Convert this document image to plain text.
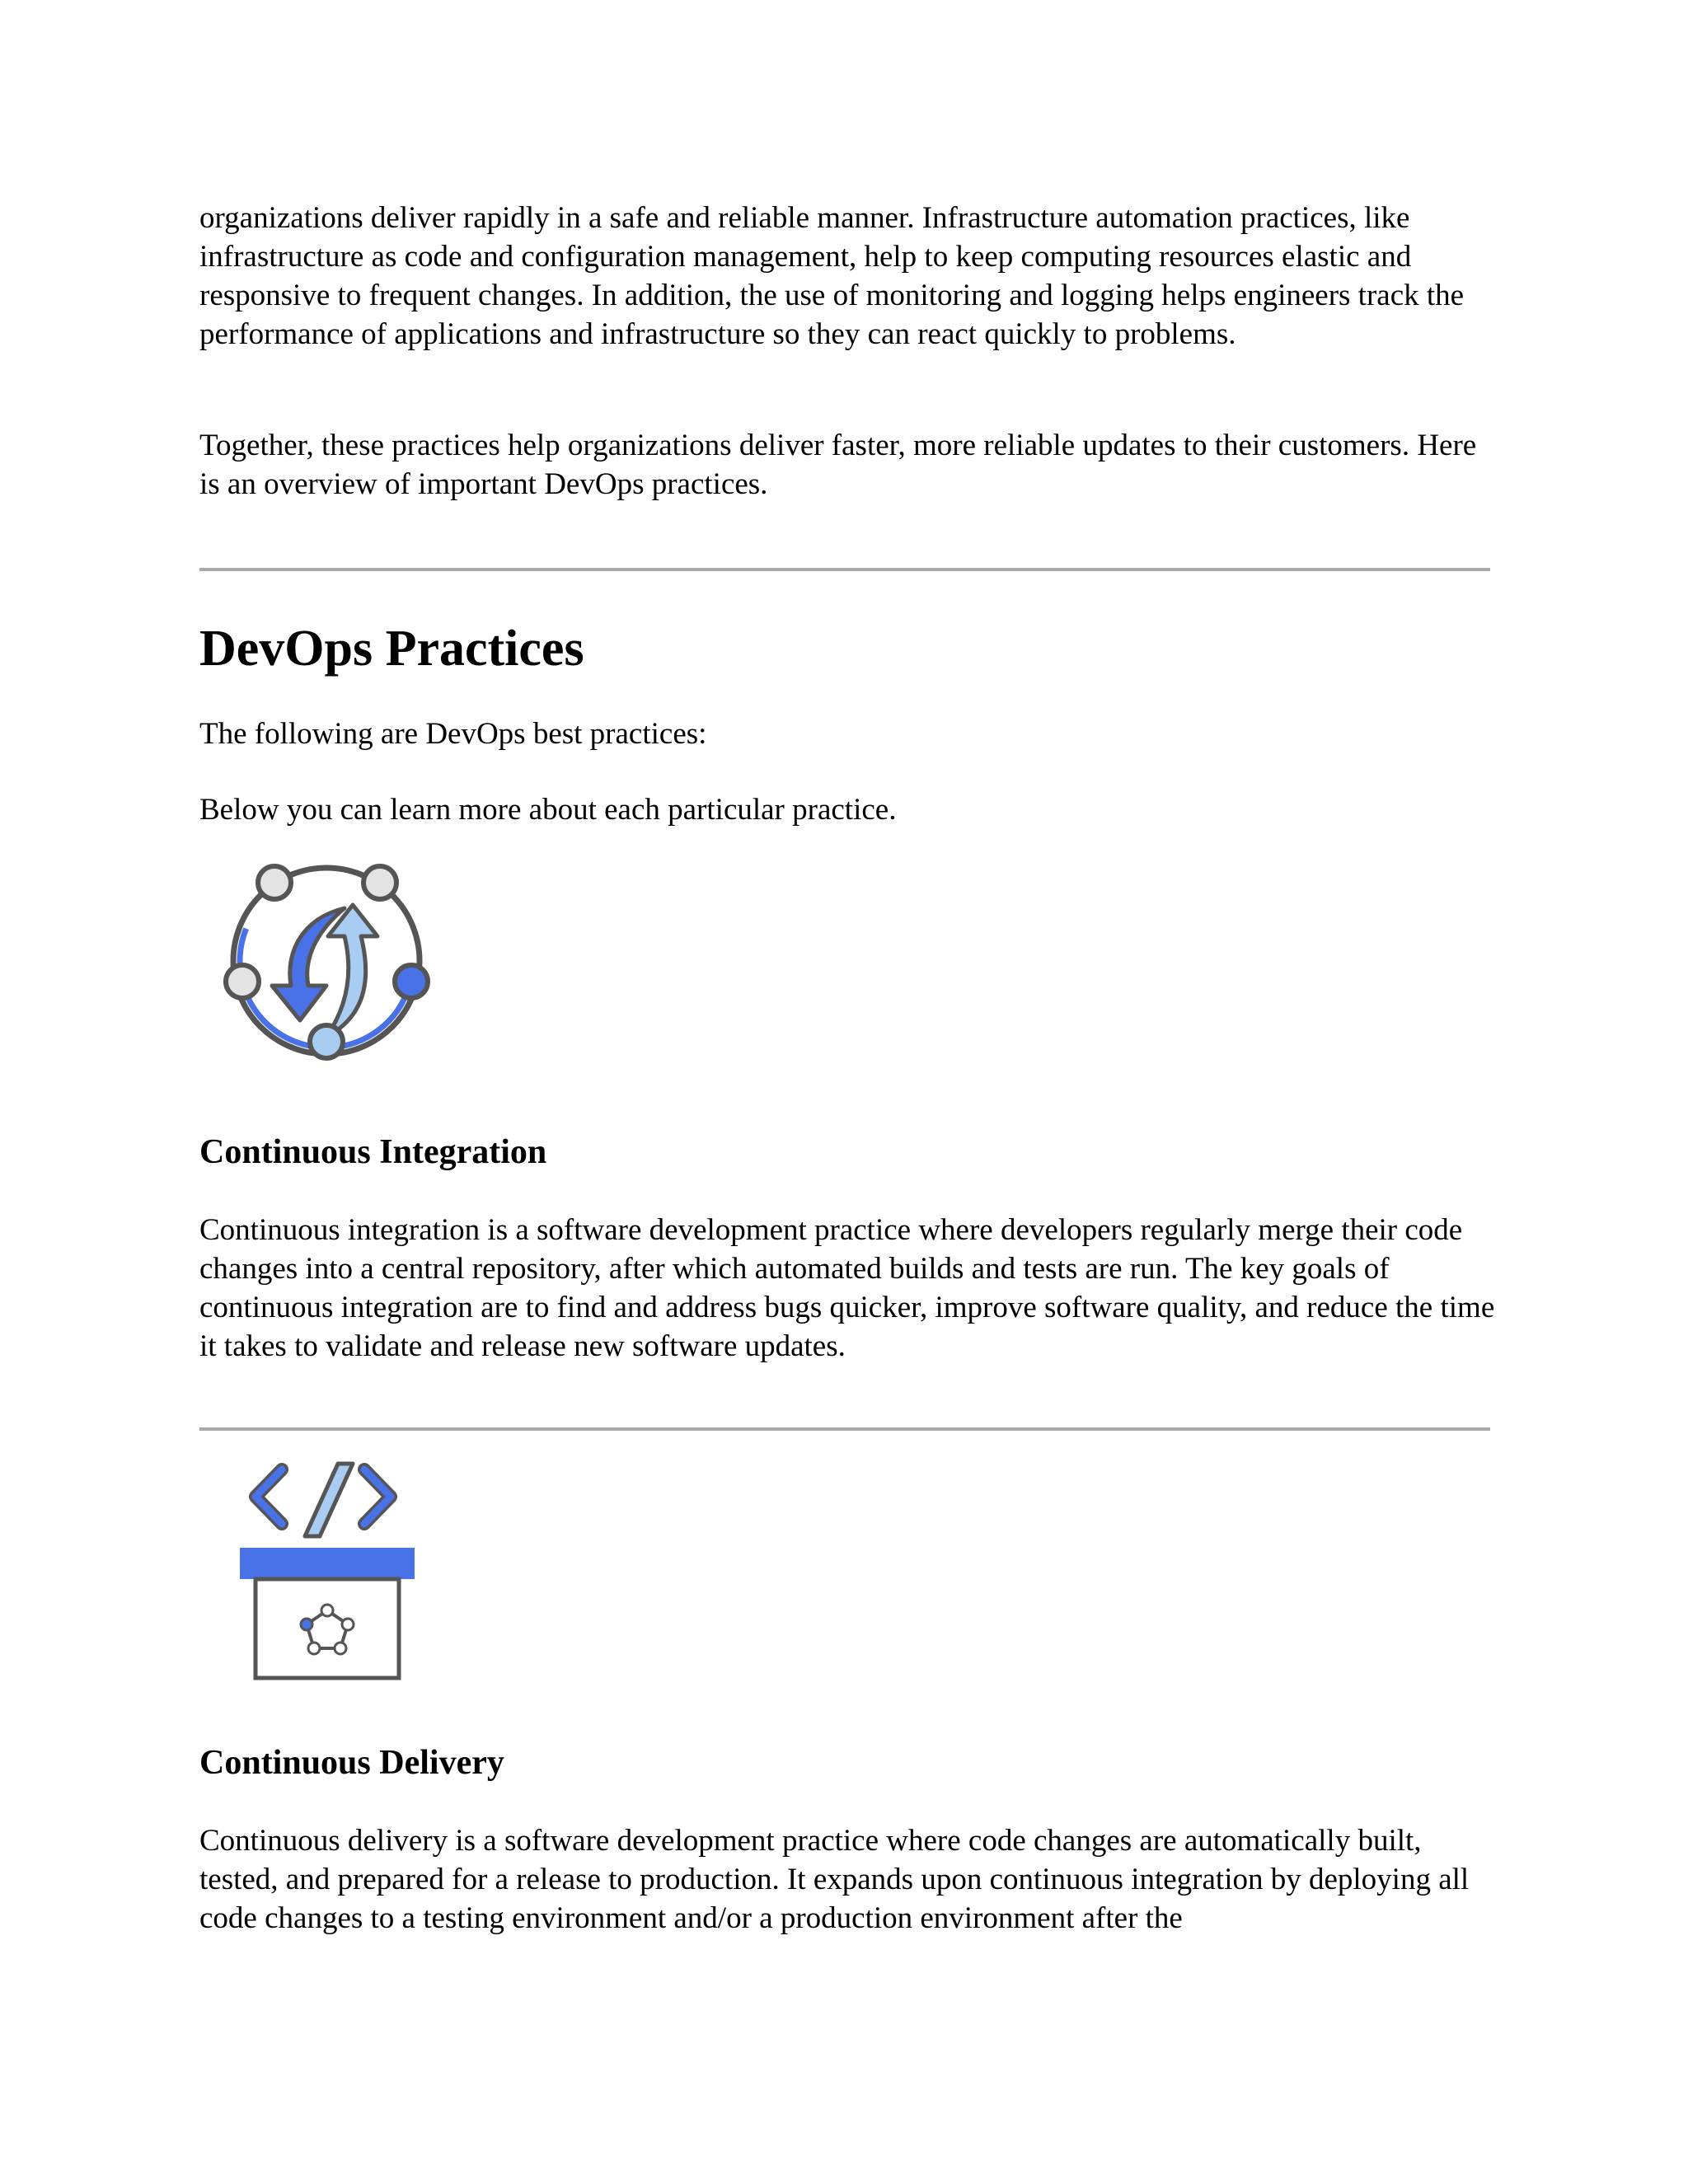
organizations deliver rapidly in a safe and reliable manner. Infrastructure automation practices, like infrastructure as code and configuration management, help to keep computing resources elastic and responsive to frequent changes. In addition, the use of monitoring and logging helps engineers track the performance of applications and infrastructure so they can react quickly to problems.

Together, these practices help organizations deliver faster, more reliable updates to their customers. Here is an overview of important DevOps practices.

DevOps Practices

The following are DevOps best practices:

Below you can learn more about each particular practice.

Continuous Integration

Continuous integration is a software development practice where developers regularly merge their code changes into a central repository, after which automated builds and tests are run. The key goals of continuous integration are to find and address bugs quicker, improve software quality, and reduce the time it takes to validate and release new software updates.

Continuous Delivery

Continuous delivery is a software development practice where code changes are automatically built, tested, and prepared for a release to production. It expands upon continuous integration by deploying all code changes to a testing environment and/or a production environment after the
